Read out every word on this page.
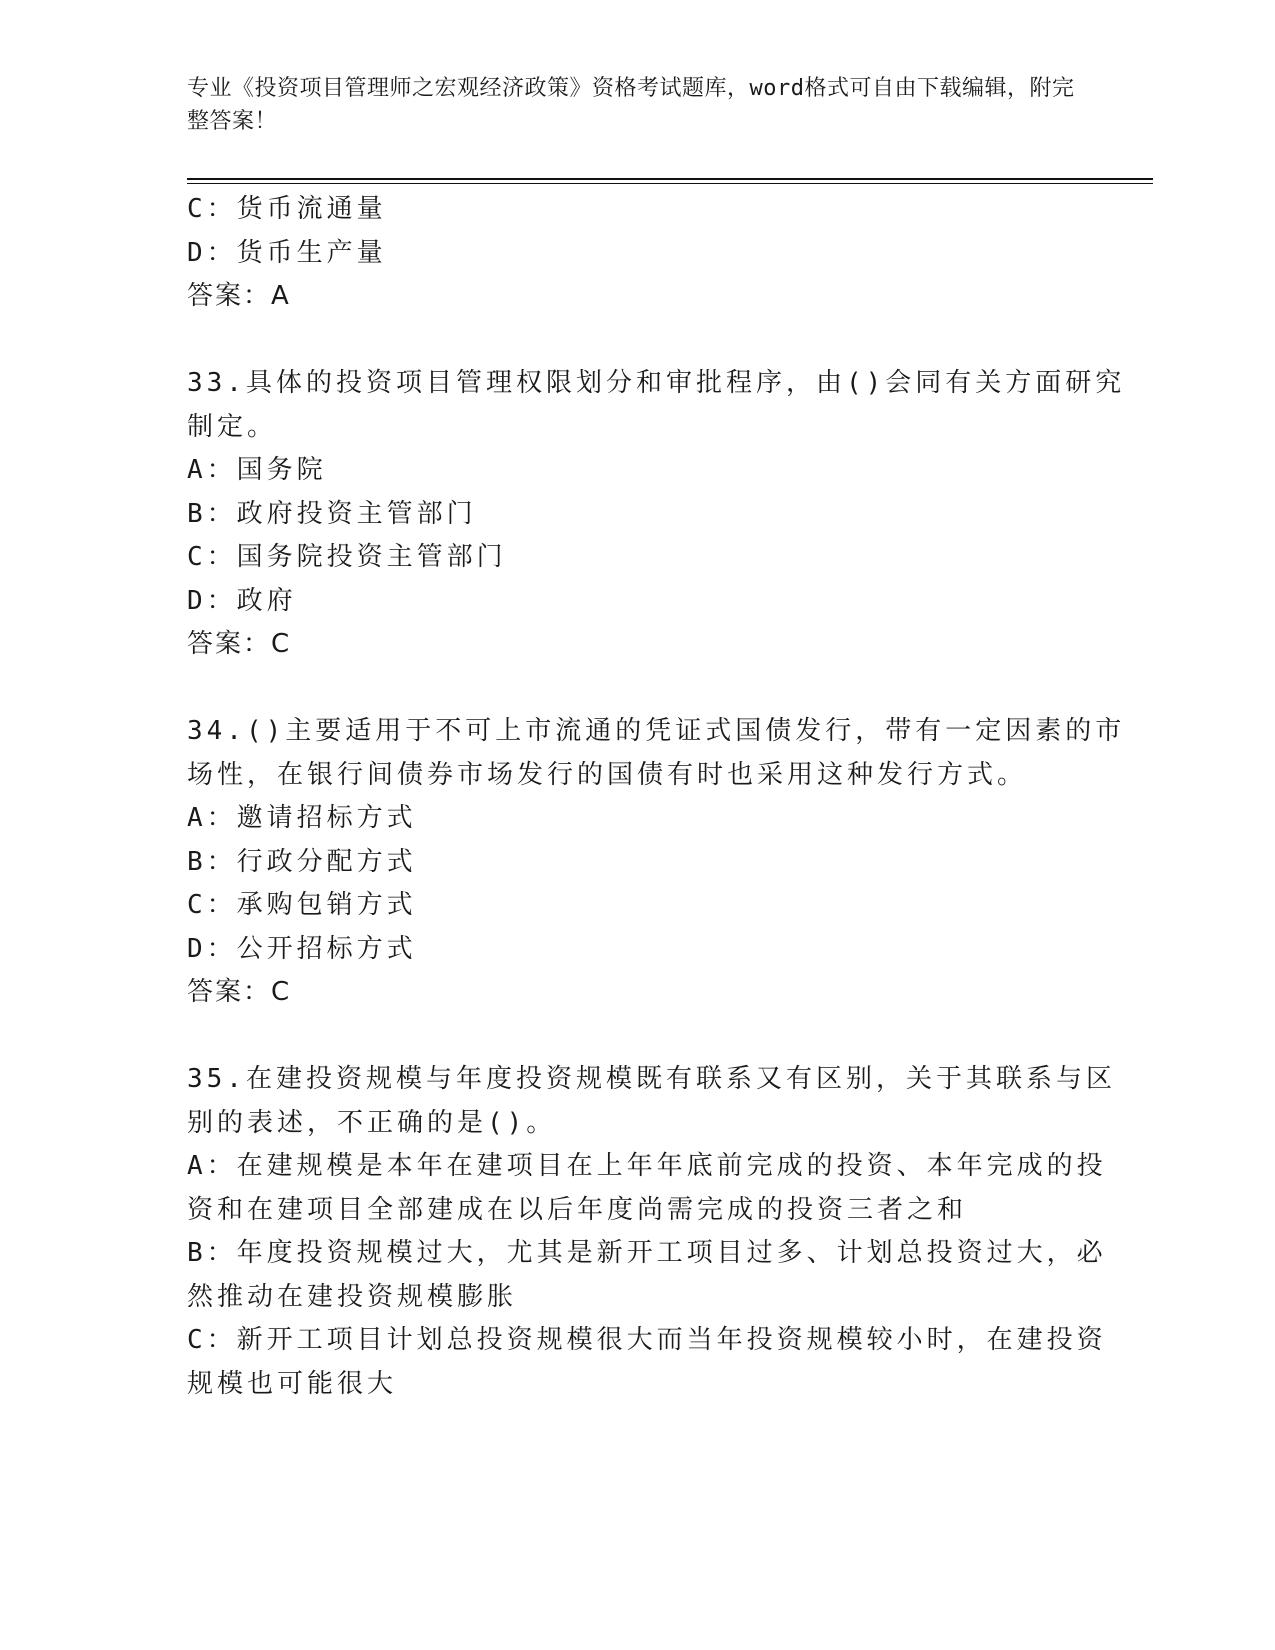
专业《投资项目管理师之宏观经济政策》资格考试题库，word格式可自由下载编辑，附完整答案！
C：货币流通量
D：货币生产量
答案：A
33.具体的投资项目管理权限划分和审批程序，由()会同有关方面研究
制定。
A：国务院
B：政府投资主管部门
C：国务院投资主管部门
D：政府
答案：C
34.()主要适用于不可上市流通的凭证式国债发行，带有一定因素的市
场性，在银行间债券市场发行的国债有时也采用这种发行方式。
A：邀请招标方式
B：行政分配方式
C：承购包销方式
D：公开招标方式
答案：C
35.在建投资规模与年度投资规模既有联系又有区别，关于其联系与区
别的表述，不正确的是()。
A：在建规模是本年在建项目在上年年底前完成的投资、本年完成的投
资和在建项目全部建成在以后年度尚需完成的投资三者之和
B：年度投资规模过大，尤其是新开工项目过多、计划总投资过大，必
然推动在建投资规模膨胀
C：新开工项目计划总投资规模很大而当年投资规模较小时，在建投资
规模也可能很大
